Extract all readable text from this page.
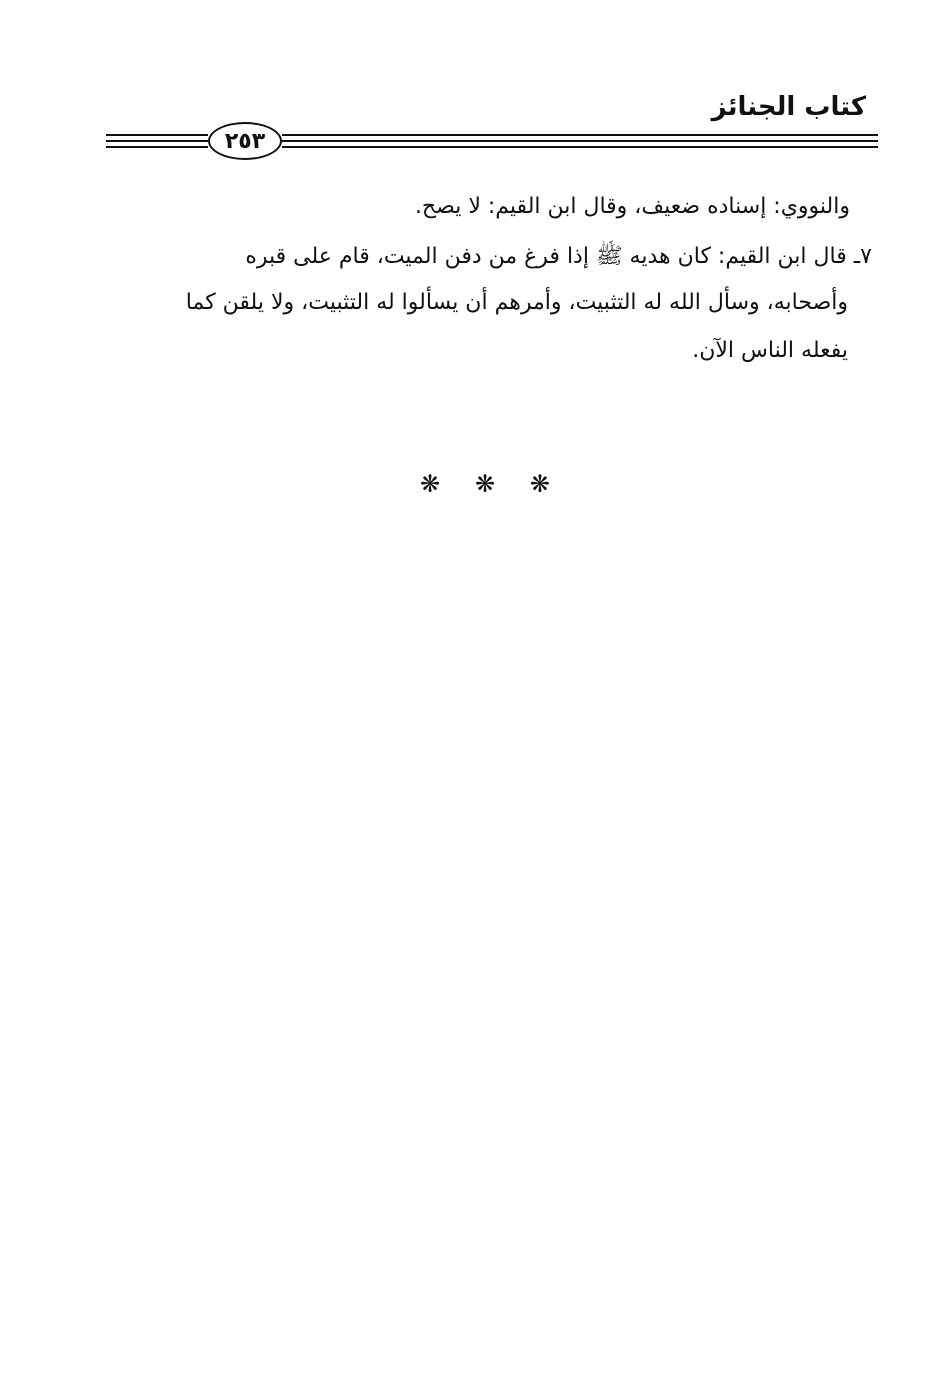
كتاب الجنائز
٢٥٣
والنووي: إسناده ضعيف، وقال ابن القيم: لا يصح.
٧ـ قال ابن القيم: كان هديه ﷺ إذا فرغ من دفن الميت، قام على قبره
وأصحابه، وسأل الله له التثبيت، وأمرهم أن يسألوا له التثبيت، ولا يلقن كما
يفعله الناس الآن.
❋ ❋ ❋
